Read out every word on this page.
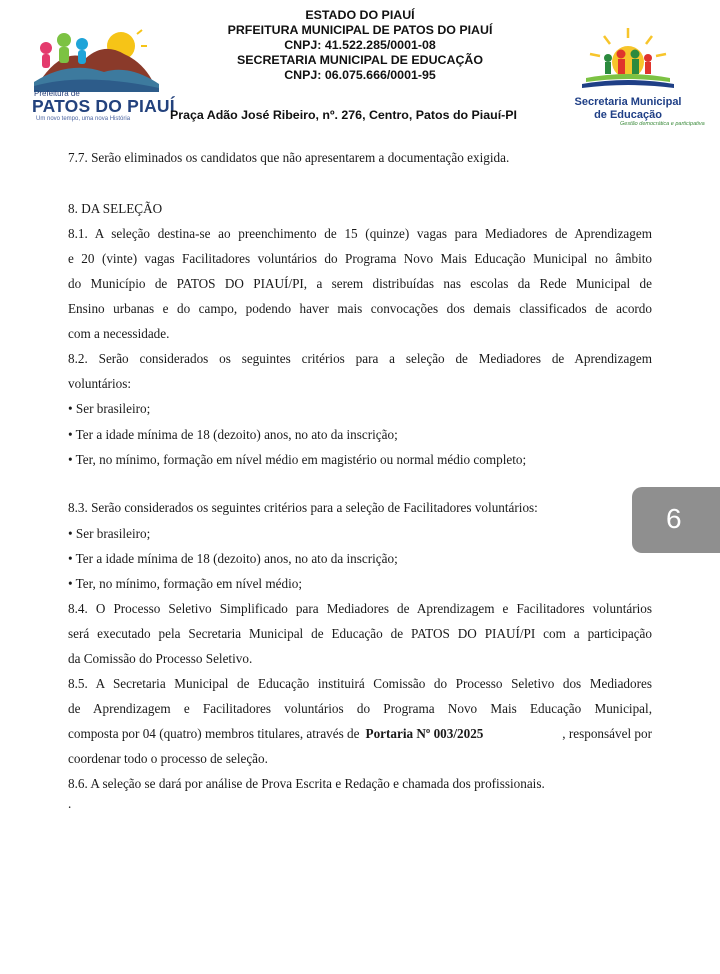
Prefeitura de
PATOS DO PIAUÍ
Um novo tempo, uma nova História
ESTADO DO PIAUÍ
PRFEITURA MUNICIPAL DE PATOS DO PIAUÍ
CNPJ: 41.522.285/0001-08
SECRETARIA MUNICIPAL DE EDUCAÇÃO
CNPJ: 06.075.666/0001-95
Praça Adão José Ribeiro, nº. 276, Centro, Patos do Piauí-PI
Secretaria Municipal
de Educação
Gestão democrática e participativa
7.7. Serão eliminados os candidatos que não apresentarem a documentação exigida.
8. DA SELEÇÃO
8.1. A seleção destina-se ao preenchimento de 15 (quinze) vagas para Mediadores de Aprendizagem
e 20 (vinte) vagas Facilitadores voluntários do Programa Novo Mais Educação Municipal no âmbito
do Município de PATOS DO PIAUÍ/PI, a serem distribuídas nas escolas da Rede Municipal de
Ensino urbanas e do campo, podendo haver mais convocações dos demais classificados de acordo
com a necessidade.
8.2. Serão considerados os seguintes critérios para a seleção de Mediadores de Aprendizagem
voluntários:
• Ser brasileiro;
• Ter a idade mínima de 18 (dezoito) anos, no ato da inscrição;
• Ter, no mínimo, formação em nível médio em magistério ou normal médio completo;
8.3. Serão considerados os seguintes critérios para a seleção de Facilitadores voluntários:
• Ser brasileiro;
• Ter a idade mínima de 18 (dezoito) anos, no ato da inscrição;
• Ter, no mínimo, formação em nível médio;
8.4. O Processo Seletivo Simplificado para Mediadores de Aprendizagem e Facilitadores voluntários
será executado pela Secretaria Municipal de Educação de PATOS DO PIAUÍ/PI com a participação
da Comissão do Processo Seletivo.
8.5. A Secretaria Municipal de Educação instituirá Comissão do Processo Seletivo dos Mediadores
de Aprendizagem e Facilitadores voluntários do Programa Novo Mais Educação Municipal,
composta por 04 (quatro) membros titulares, através de Portaria Nº 003/2025	, responsável por
coordenar todo o processo de seleção.
8.6. A seleção se dará por análise de Prova Escrita e Redação e chamada dos profissionais.
.
6
